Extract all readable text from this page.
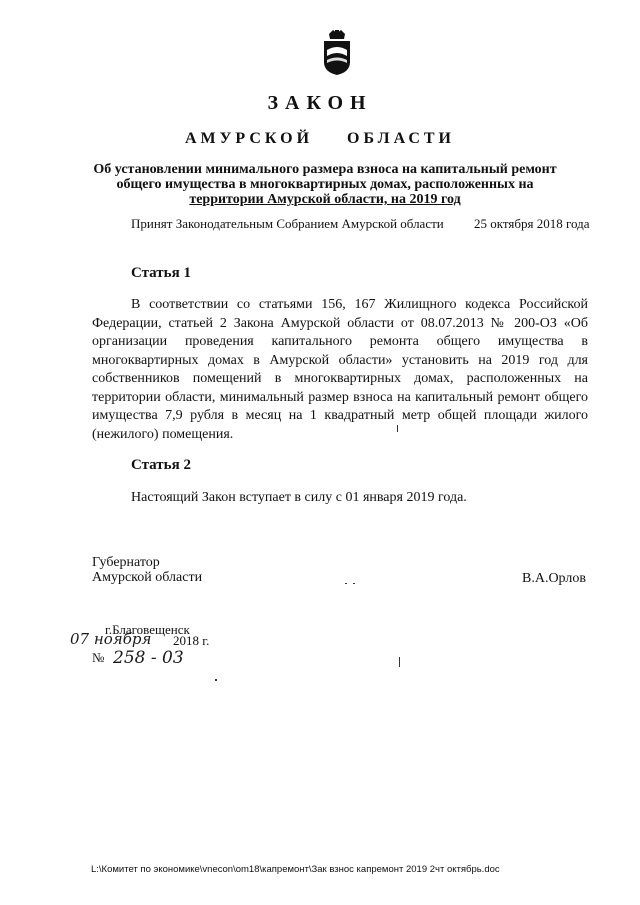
ЗАКОН
АМУРСКОЙ ОБЛАСТИ
Об установлении минимального размера взноса на капитальный ремонт
общего имущества в многоквартирных домах, расположенных на
территории Амурской области, на 2019 год
Принят Законодательным Собранием Амурской области 25 октября 2018 года
Статья 1
В соответствии со статьями 156, 167 Жилищного кодекса Российской Федерации, статьей 2 Закона Амурской области от 08.07.2013 № 200-ОЗ «Об организации проведения капитального ремонта общего имущества в многоквартирных домах в Амурской области» установить на 2019 год для собственников помещений в многоквартирных домах, расположенных на территории области, минимальный размер взноса на капитальный ремонт общего имущества 7,9 рубля в месяц на 1 квадратный метр общей площади жилого (нежилого) помещения.
Статья 2
Настоящий Закон вступает в силу с 01 января 2019 года.
Губернатор
Амурской области	В.А.Орлов
г.Благовещенск
07 ноября 2018 г.
№ 258 - 03
L:\Комитет по экономике\vnecon\om18\капремонт\Зак взнос капремонт 2019 2чт октябрь.doc
